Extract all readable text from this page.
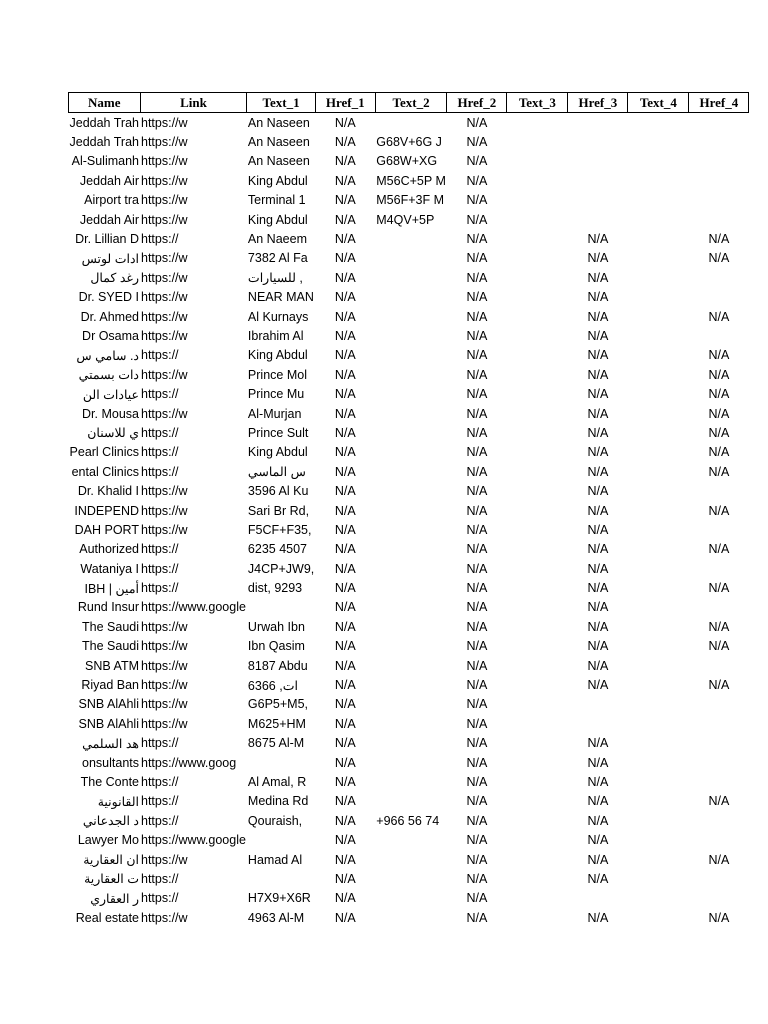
Name	Link	Text_1	Href_1	Text_2	Href_2	Text_3	Href_3	Text_4	Href_4
Jeddah Trah	https://w	An Naseen	N/A		N/A				
Jeddah Trah	https://w	An Naseen	N/A	G68V+6G J	N/A				
Al-Sulimanh	https://w	An Naseen	N/A	G68W+XG	N/A				
Jeddah Air	https://w	King Abdul	N/A	M56C+5P M	N/A				
Airport tra	https://w	Terminal 1	N/A	M56F+3F M	N/A				
Jeddah Air	https://w	King Abdul	N/A	M4QV+5P	N/A				
Dr. Lillian D	https://	An Naeem	N/A		N/A		N/A		N/A
ادات لوتس	https://w	7382 Al Fa	N/A		N/A		N/A		N/A
رغد كمال	https://w	للسيارات ,	N/A		N/A		N/A		
Dr. SYED I	https://w	NEAR MAN	N/A		N/A		N/A		
Dr. Ahmed	https://w	Al Kurnays	N/A		N/A		N/A		N/A
Dr Osama	https://w	Ibrahim Al	N/A		N/A		N/A		
د. سامي س	https://	King Abdul	N/A		N/A		N/A		N/A
دات بسمتي	https://w	Prince Mol	N/A		N/A		N/A		N/A
عيادات الن	https://	Prince Mu	N/A		N/A		N/A		N/A
Dr. Mousa	https://w	Al-Murjan	N/A		N/A		N/A		N/A
ي للاسنان	https://	Prince Sult	N/A		N/A		N/A		N/A
Pearl Clinics	https://	King Abdul	N/A		N/A		N/A		N/A
ental Clinics	https://	س الماسي	N/A		N/A		N/A		N/A
Dr. Khalid I	https://w	3596 Al Ku	N/A		N/A		N/A		
INDEPEND	https://w	Sari Br Rd,	N/A		N/A		N/A		N/A
DAH PORT	https://w	F5CF+F35,	N/A		N/A		N/A		
Authorized	https://	6235 4507	N/A		N/A		N/A		N/A
Wataniya I	https://	J4CP+JW9,	N/A		N/A		N/A		
IBH | أمين	https://	dist, 9293	N/A		N/A		N/A		N/A
Rund Insur	https://www.google		N/A		N/A		N/A		
The Saudi	https://w	Urwah Ibn	N/A		N/A		N/A		N/A
The Saudi	https://w	Ibn Qasim	N/A		N/A		N/A		N/A
SNB ATM	https://w	8187 Abdu	N/A		N/A		N/A		
Riyad Ban	https://w	6366 ,ات	N/A		N/A		N/A		N/A
SNB AlAhli	https://w	G6P5+M5,	N/A		N/A				
SNB AlAhli	https://w	M625+HM	N/A		N/A				
هد السلمي	https://	8675 Al-M	N/A		N/A		N/A		
onsultants	https://www.goog		N/A		N/A		N/A		
The Conte	https://	Al Amal, R	N/A		N/A		N/A		
القانونية	https://	Medina Rd	N/A		N/A		N/A		N/A
د الجدعاني	https://	Qouraish,	N/A	+966 56 74	N/A		N/A		
Lawyer Mo	https://www.google		N/A		N/A		N/A		
ان العقارية	https://w	Hamad Al	N/A		N/A		N/A		N/A
ت العقارية	https://		N/A		N/A		N/A		
ر العقاري	https://	H7X9+X6R	N/A		N/A				
Real estate	https://w	4963 Al-M	N/A		N/A		N/A		N/A
